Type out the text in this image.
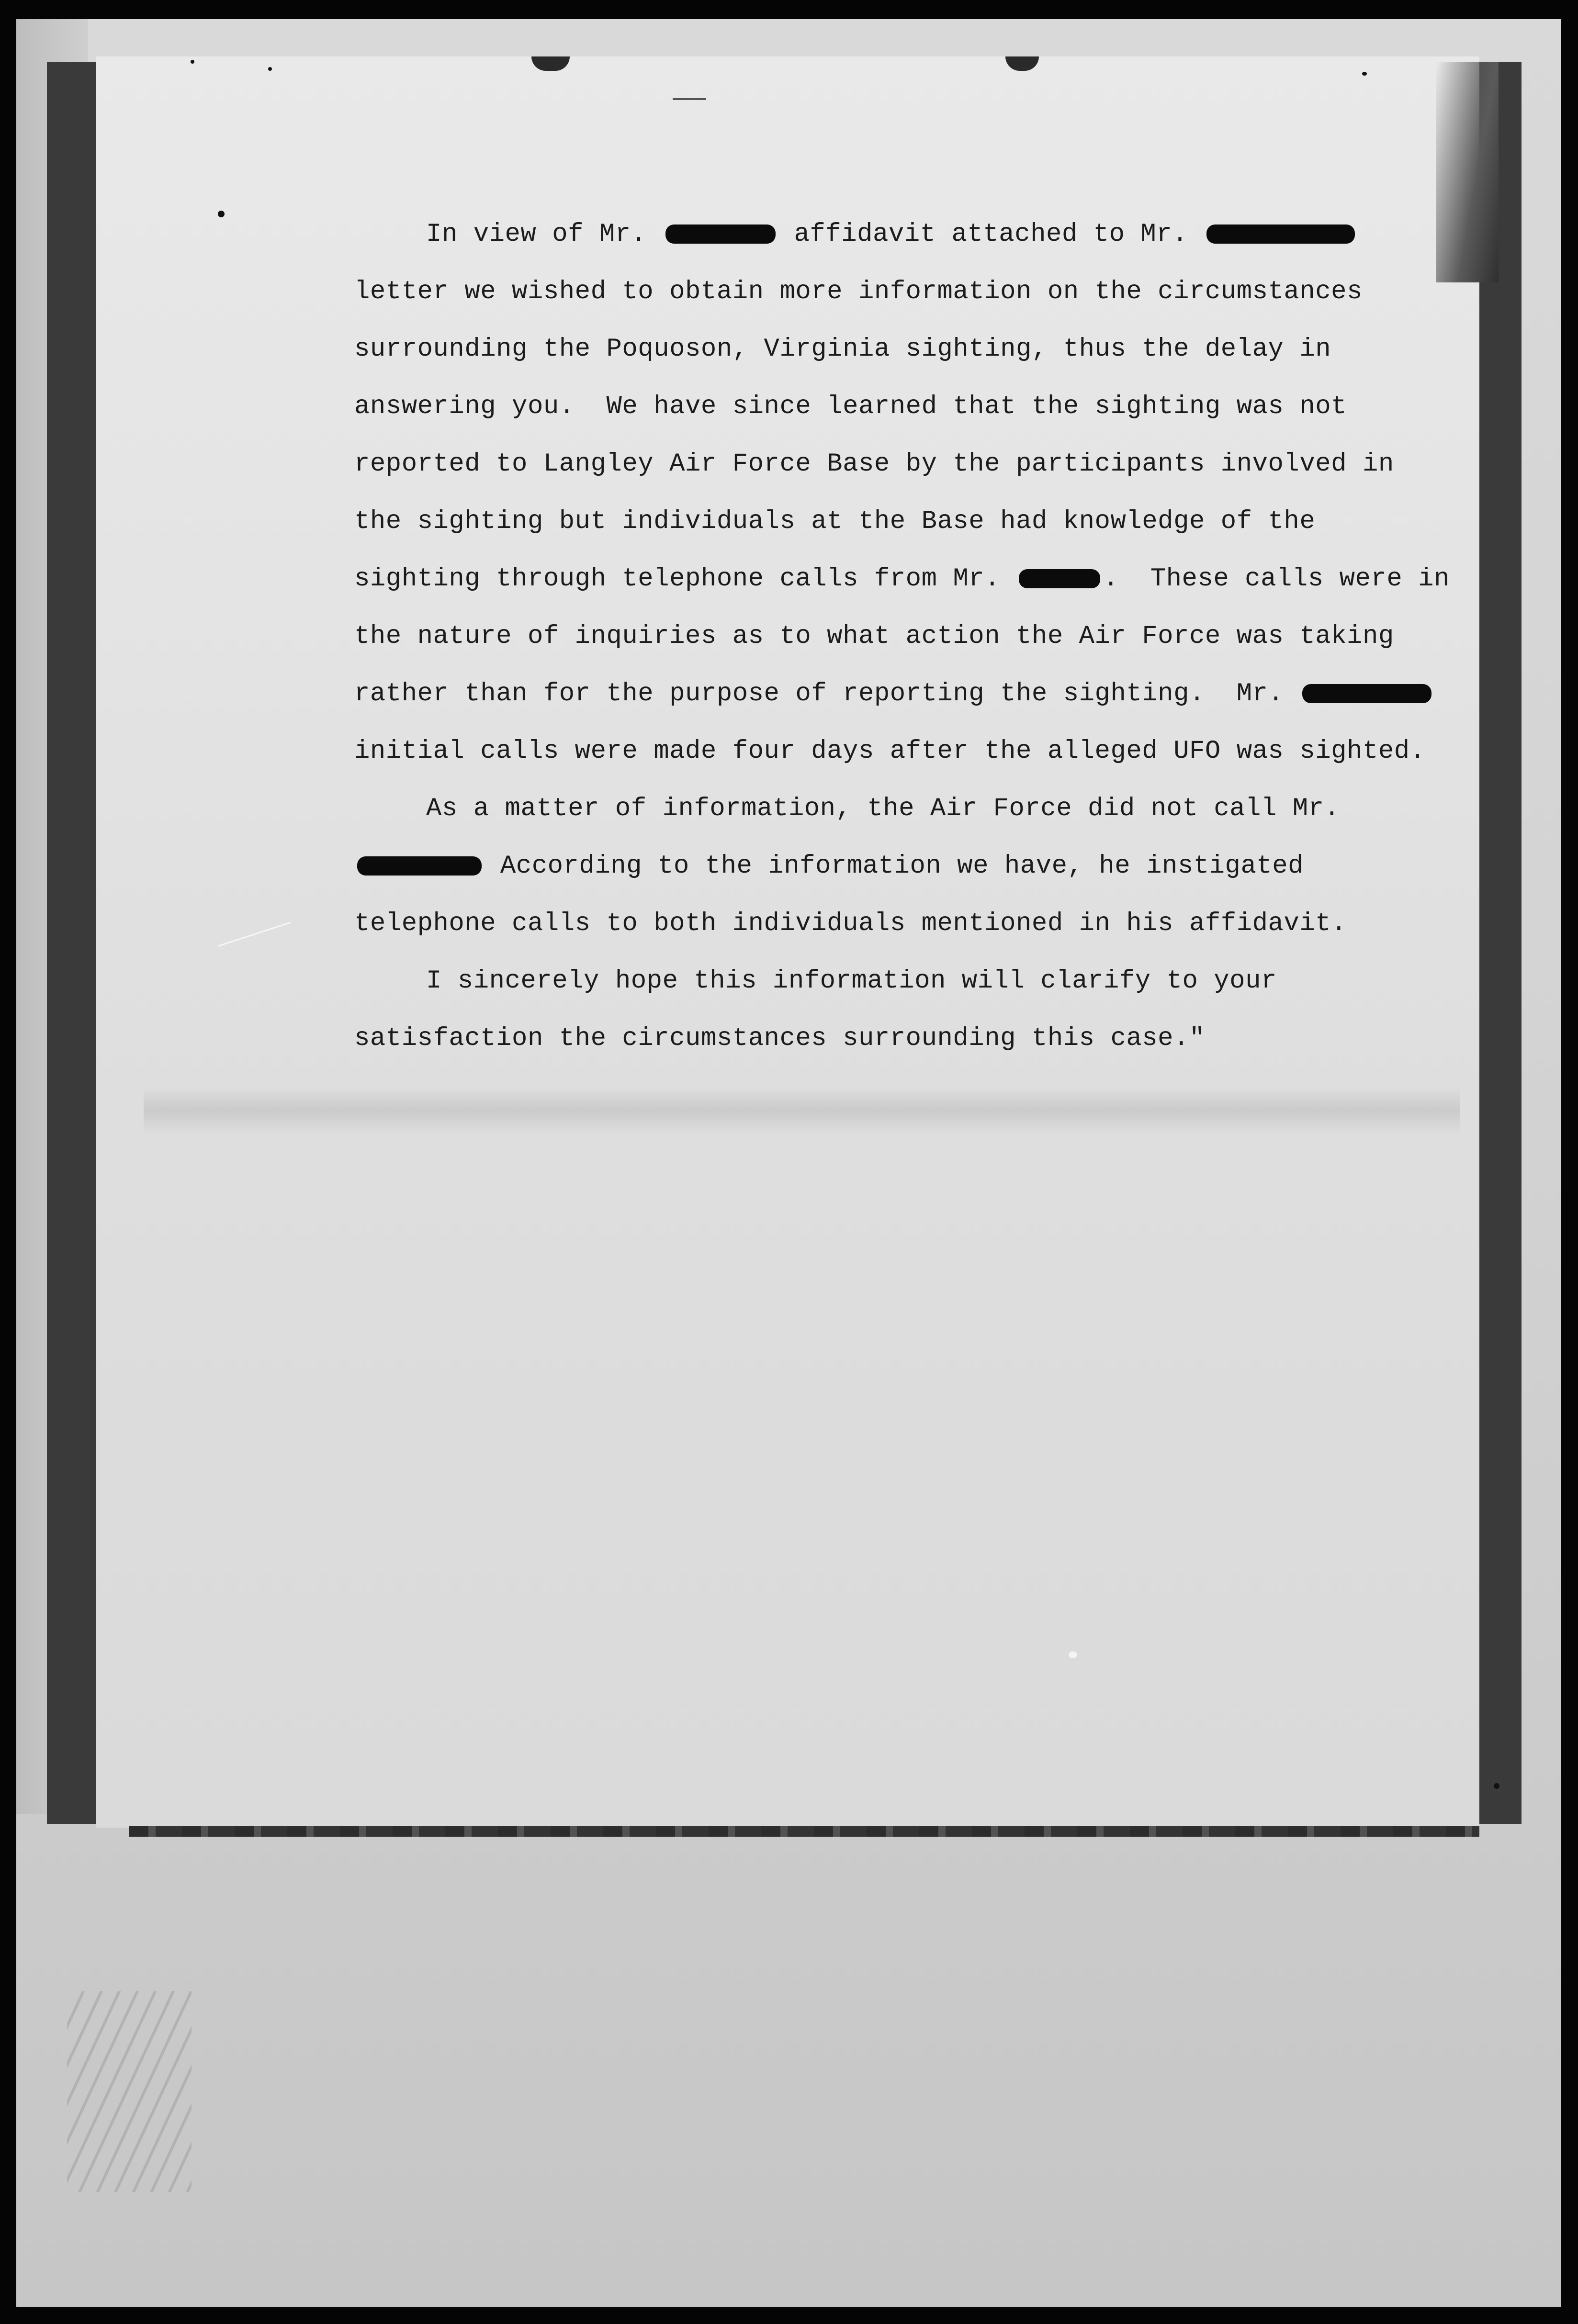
In view of Mr.	affidavit attached to Mr.	letter we wished to obtain more information on the circumstances surrounding the Poquoson, Virginia sighting, thus the delay in answering you.  We have since learned that the sighting was not reported to Langley Air Force Base by the participants involved in the sighting but individuals at the Base had knowledge of the sighting through telephone calls from Mr.	.  These calls were in the nature of inquiries as to what action the Air Force was taking rather than for the purpose of reporting the sighting.  Mr.	initial calls were made four days after the alleged UFO was sighted.

As a matter of information, the Air Force did not call Mr. According to the information we have, he instigated telephone calls to both individuals mentioned in his affidavit.

I sincerely hope this information will clarify to your satisfaction the circumstances surrounding this case."
